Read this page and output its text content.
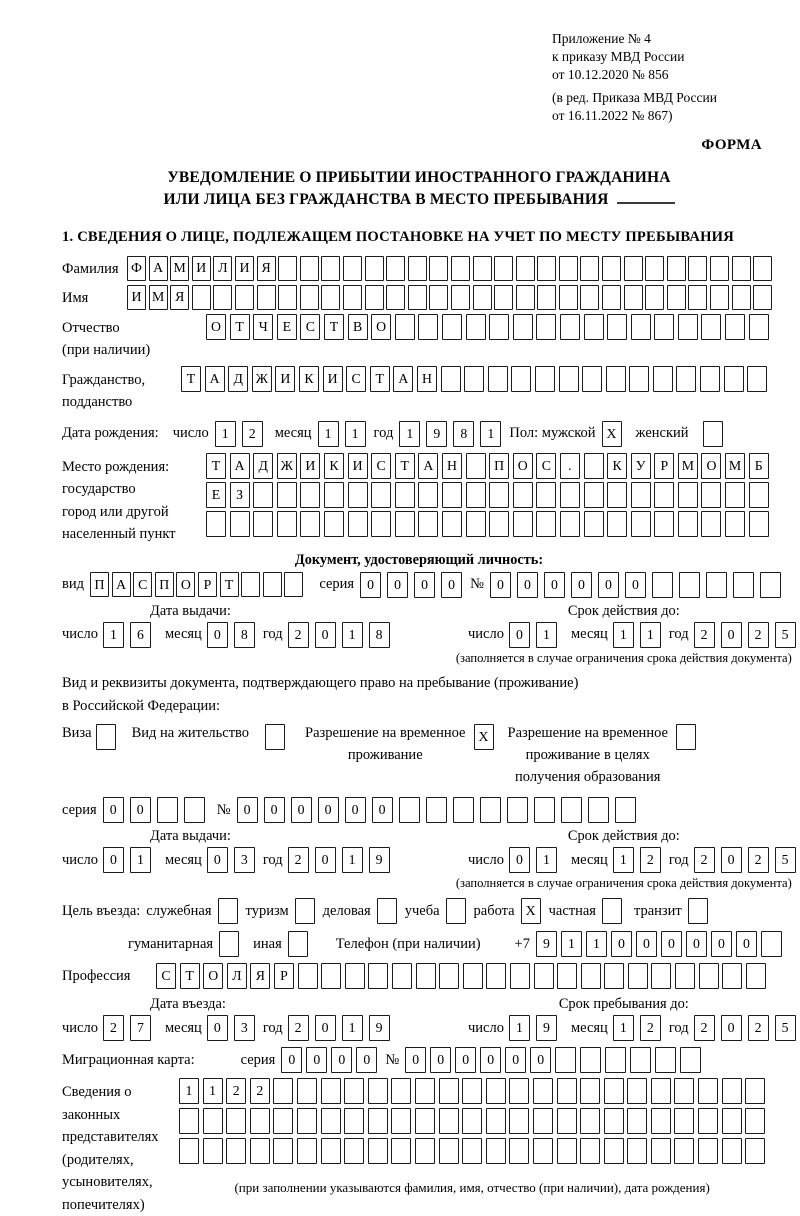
Приложение № 4
к приказу МВД России
от 10.12.2020 № 856
(в ред. Приказа МВД России
от 16.11.2022 № 867)
ФОРМА
УВЕДОМЛЕНИЕ О ПРИБЫТИИ ИНОСТРАННОГО ГРАЖДАНИНА
ИЛИ ЛИЦА БЕЗ ГРАЖДАНСТВА В МЕСТО ПРЕБЫВАНИЯ
1. СВЕДЕНИЯ О ЛИЦЕ, ПОДЛЕЖАЩЕМ ПОСТАНОВКЕ НА УЧЕТ ПО МЕСТУ ПРЕБЫВАНИЯ
Фамилия Ф А М И Л И Я
Имя	И М Я
Отчество
(при наличии)
О	Т	Ч	Е	С	Т	В	О
Гражданство,
подданство
Т	А	Д Ж И	К	И	С	Т	А Н
Дата рождения: число 1	2	месяц 1	1	год 1	9	8	1	Пол: мужской X	женский
Место рождения:
государство
город или другой
населенный пункт
Т	А	Д Ж И	К	И	С	Т	А Н	П О	С	.	К	У	Р М О М Б
Е	З
Документ, удостоверяющий личность:
вид П А С П О Р Т	серия 0	0	0	0	№ 0	0	0	0	0	0
Дата выдачи:
число 1	6	месяц 0	8	год 2	0	1	8
Срок действия до:
число 0	1	месяц 1	1	год 2	0	2	5
(заполняется в случае ограничения срока действия документа)
Вид и реквизиты документа, подтверждающего право на пребывание (проживание)
в Российской Федерации:
Виза	Вид на жительство	Разрешение на временное
проживание
X	Разрешение на временное
проживание в целях
получения образования
серия 0	0	№ 0	0	0	0	0	0
Дата выдачи:
число 0	1	месяц 0	3	год 2	0	1	9
Срок действия до:
число 0	1	месяц 1	2	год 2	0	2	5
(заполняется в случае ограничения срока действия документа)
Цель въезда: служебная туризм деловая учеба работа X частная	транзит
гуманитарная	иная	Телефон (при наличии) +7 9	1	1	0	0	0	0	0	0
Профессия	С	Т	О	Л	Я	Р
Дата въезда:
число 2	7	месяц 0	3	год 2	0	1	9
Срок пребывания до:
число 1	9	месяц 1	2	год 2	0	2	5
Миграционная карта:	серия 0	0	0	0	№ 0	0	0	0	0	0
Сведения о
законных
представителях
(родителях,
усыновителях,
попечителях)
1	1	2	2
(при заполнении указываются фамилия, имя, отчество (при наличии), дата рождения)
